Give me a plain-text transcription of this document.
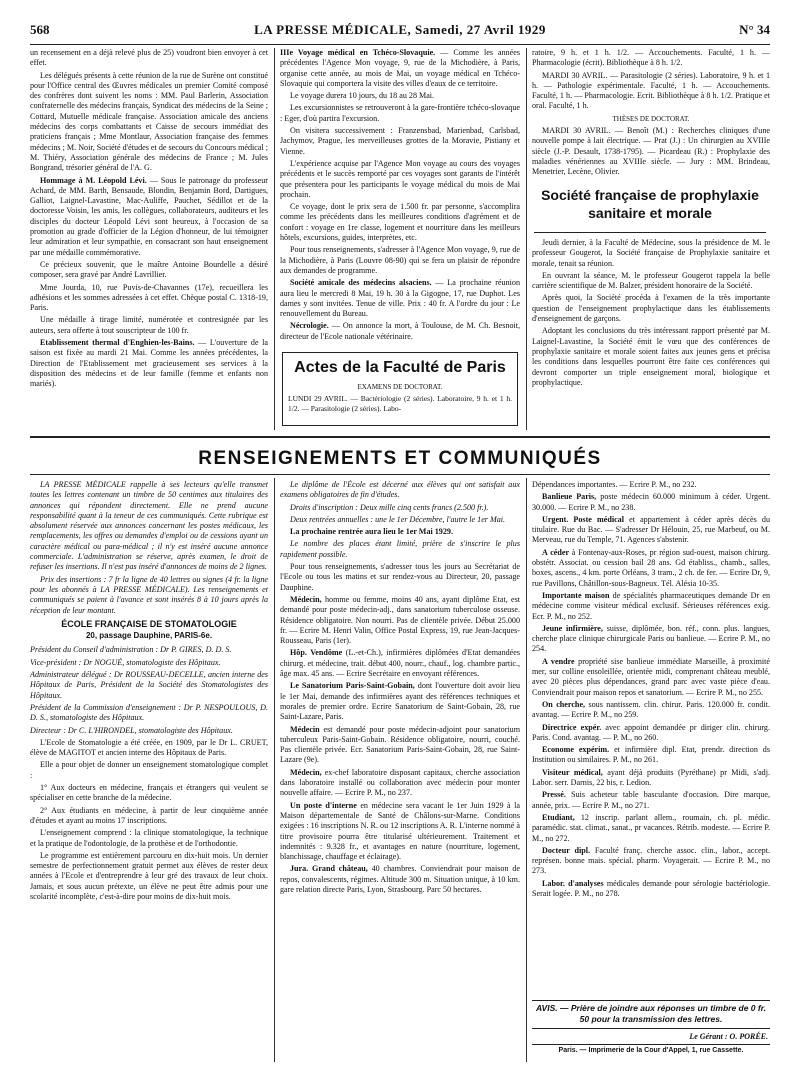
568	LA PRESSE MÉDICALE, Samedi, 27 Avril 1929	N° 34

un recensement en a déjà relevé plus de 25) voudront bien envoyer à cet effet.

Les délégués présents à cette réunion de la rue de Surène ont constitué pour l'Office central des Œuvres médicales un premier Comité composé des confrères dont suivent les noms : MM. Paul Barlerin, Association confraternelle des médecins français, Syndicat des médecins de la Seine ; Cottard, Mutuelle médicale française. Association amicale des anciens médecins des corps combattants et Caisse de secours immédiat des praticiens français ; Mme Montlaur, Association française des femmes médecins ; M. Noir, Société d'études et de secours du Concours médical ; M. Thiéry, Association générale des médecins de France ; M. Jules Bongrand, trésorier général de l'A. G.

Hommage à M. Léopold Lévi. — Sous le patronage du professeur Achard, de MM. Barth, Bensaude, Blondin, Benjamin Bord, Dartigues, Galliot, Laignel-Lavastine, Mac-Auliffe, Pauchet, Sédillot et de la doctoresse Voisin, les amis, les collègues, collaborateurs, auditeurs et les disciples du docteur Léopold Lévi sont heureux, à l'occasion de sa promotion au grade d'officier de la Légion d'honneur, de lui témoigner leur admiration et leur sympathie, en consacrant son haut enseignement par une médaille commémorative.

Ce précieux souvenir, que le maître Antoine Bourdelle a désiré composer, sera gravé par André Lavrillier.

Mme Jourda, 10, rue Puvis-de-Chavannes (17e), recueillera les adhésions et les sommes adressées à cet effet. Chèque postal C. 1318-19, Paris.

Une médaille à tirage limité, numérotée et contresignée par les auteurs, sera offerte à tout souscripteur de 100 fr.

Etablissement thermal d'Enghien-les-Bains. — L'ouverture de la saison est fixée au mardi 21 Mai. Comme les années précédentes, la Direction de l'Etablissement met gracieusement ses services à la disposition des médecins et de leur famille (femme et enfants non mariés).

IIIe Voyage médical en Tchéco-Slovaquie. — Comme les années précédentes l'Agence Mon voyage, 9, rue de la Michodière, à Paris, organise cette année, au mois de Mai, un voyage médical en Tchéco-Slovaquie qui comportera la visite des villes d'eaux de ce territoire.

Le voyage durera 10 jours, du 18 au 28 Mai.

Les excursionnistes se retrouveront à la gare-frontière tchéco-slovaque : Eger, d'où partira l'excursion.

On visitera successivement : Franzensbad, Marienbad, Carlsbad, Jachymov, Prague, les merveilleuses grottes de la Moravie, Pistiany et Vienne.

L'expérience acquise par l'Agence Mon voyage au cours des voyages précédents et le succès remporté par ces voyages sont garants de l'intérêt que présentera pour les participants le voyage médical du mois de Mai prochain.

Ce voyage, dont le prix sera de 1.500 fr. par personne, s'accomplira comme les précédents dans les meilleures conditions d'agrément et de confort : voyage en 1re classe, logement et nourriture dans les meilleurs hôtels, excursions, guides, interprètes, etc.

Pour tous renseignements, s'adresser à l'Agence Mon voyage, 9, rue de la Michodière, à Paris (Louvre 08-90) qui se fera un plaisir de répondre aux demandes de programme.

Société amicale des médecins alsaciens. — La prochaine réunion aura lieu le mercredi 8 Mai, 19 h. 30 à la Gigogne, 17, rue Duphot. Les dames y sont invitées. Tenue de ville. Prix : 40 fr. A l'ordre du jour : Le renouvellement du Bureau.

Nécrologie. — On annonce la mort, à Toulouse, de M. Ch. Besnoit, directeur de l'Ecole nationale vétérinaire.

Actes de la Faculté de Paris
EXAMENS DE DOCTORAT.
LUNDI 29 AVRIL. — Bactériologie (2 séries). Laboratoire, 9 h. et 1 h. 1/2. — Parasitologie (2 séries). Labo-

ratoire, 9 h. et 1 h. 1/2. — Accouchements. Faculté, 1 h. — Pharmacologie (écrit). Bibliothèque à 8 h. 1/2.

MARDI 30 AVRIL. — Parasitologie (2 séries). Laboratoire, 9 h. et 1 h. — Pathologie expérimentale. Faculté, 1 h. — Accouchements. Faculté, 1 h. — Pharmacologie. Ecrit. Bibliothèque à 8 h. 1/2. Pratique et oral. Faculté, 1 h.

THÈSES DE DOCTORAT.

MARDI 30 AVRIL. — Benoît (M.) : Recherches cliniques d'une nouvelle pompe à lait électrique. — Prat (J.) : Un chirurgien au XVIIIe siècle (J.-P. Desault, 1738-1795). — Picardeau (R.) : Prophylaxie des maladies vénériennes au XVIIIe siècle. — Jury : MM. Brindeau, Menetrier, Lecène, Olivier.

Société française de prophylaxie sanitaire et morale

Jeudi dernier, à la Faculté de Médecine, sous la présidence de M. le professeur Gougerot, la Société française de Prophylaxie sanitaire et morale, tenait sa réunion.

En ouvrant la séance, M. le professeur Gougerot rappela la belle carrière scientifique de M. Balzer, président honoraire de la Société.

Après quoi, la Société procéda à l'examen de la très importante question de l'enseignement prophylactique dans les établissements d'enseignement de garçons.

Adoptant les conclusions du très intéressant rapport présenté par M. Laignel-Lavastine, la Société émit le vœu que des conférences de prophylaxie sanitaire et morale soient faites aux jeunes gens et précisa les conditions dans lesquelles pourront être faite ces conférences qui devront comporter un triple enseignement moral, biologique et prophylactique.

RENSEIGNEMENTS ET COMMUNIQUÉS

LA PRESSE MÉDICALE rappelle à ses lecteurs qu'elle transmet toutes les lettres contenant un timbre de 50 centimes aux titulaires des annonces qui répondent directement. Elle ne prend aucune responsabilité quant à la teneur de ces communiqués. Cette rubrique est absolument réservée aux annonces concernant les postes médicaux, les remplacements, les offres ou demandes d'emploi ou de cessions ayant un caractère médical ou para-médical ; il n'y est inséré aucune annonce commerciale. L'administration se réserve, après examen, le droit de refuser les insertions. Il n'est pas inséré d'annonces de moins de 2 lignes.

Prix des insertions : 7 fr la ligne de 40 lettres ou signes (4 fr. la ligne pour les abonnés à LA PRESSE MÉDICALE). Les renseignements et communiqués se paient à l'avance et sont insérés 8 à 10 jours après la réception de leur montant.

ÉCOLE FRANÇAISE DE STOMATOLOGIE
20, passage Dauphine, PARIS-6e.

Président du Conseil d'administration : Dr P. GIRES, D. D. S.

Vice-président : Dr NOGUÉ, stomatologiste des Hôpitaux.

Administrateur délégué : Dr ROUSSEAU-DECELLE, ancien interne des Hôpitaux de Paris, Président de la Société des Stomatologistes des Hôpitaux.

Président de la Commission d'enseignement : Dr P. NESPOULOUS, D. D. S., stomatologiste des Hôpitaux.

Directeur : Dr C. L'HIRONDEL, stomatologiste des Hôpitaux.

L'Ecole de Stomatologie a été créée, en 1909, par le Dr L. CRUET, élève de MAGITOT et ancien interne des Hôpitaux de Paris.

Elle a pour objet de donner un enseignement stomatologique complet :

1° Aux docteurs en médecine, français et étrangers qui veulent se spécialiser en cette branche de la médecine.

2° Aux étudiants en médecine, à partir de leur cinquième année d'études et ayant au moins 17 inscriptions.

L'enseignement comprend : la clinique stomatologique, la technique et la pratique de l'odontologie, de la prothèse et de l'orthodontie.

Le programme est entièrement parcouru en dix-huit mois. Un dernier semestre de perfectionnement gratuit permet aux élèves de rester deux années à l'Ecole et d'entreprendre à leur gré des travaux de leur choix. Jamais, et sous aucun prétexte, un élève ne peut être admis pour une scolarité incomplète, c'est-à-dire pour moins de dix-huit mois.

Le diplôme de l'École est décerné aux élèves qui ont satisfait aux examens obligatoires de fin d'études.

Droits d'inscription : Deux mille cinq cents francs (2.500 fr.).

Deux rentrées annuelles : une le 1er Décembre, l'autre le 1er Mai.

La prochaine rentrée aura lieu le 1er Mai 1929.

Le nombre des places étant limité, prière de s'inscrire le plus rapidement possible.

Pour tous renseignements, s'adresser tous les jours au Secrétariat de l'Ecole ou tous les matins et sur rendez-vous au Directeur, 20, passage Dauphine.

Médecin, homme ou femme, moins 40 ans, ayant diplôme Etat, est demandé pour poste médecin-adj., dans sanatorium tuberculose osseuse. Résidence obligatoire. Non nourri. Pas de clientèle privée. Début 25.000 fr. — Ecrire M. Henri Valin, Office Postal Express, 19, rue Jean-Jacques-Rousseau, Paris (1er).

Hôp. Vendôme (L.-et-Ch.), infirmières diplômées d'Etat demandées chirurg. et médecine, trait. début 400, nourr., chauf., log. chambre partic., âge max. 45 ans. — Ecrire Secrétaire en envoyant références.

Le Sanatorium Paris-Saint-Gobain, dont l'ouverture doit avoir lieu le 1er Mai, demande des infirmières ayant des références techniques et morales de premier ordre. Ecrire Sanatorium de Saint-Gobain, 28, rue Saint-Lazare, Paris.

Médecin est demandé pour poste médecin-adjoint pour sanatorium tuberculeux Paris-Saint-Gobain. Résidence obligatoire, nourri, couché. Pas clientèle privée. Ecr. Sanatorium Paris-Saint-Gobain, 28, rue Saint-Lazare (9e).

Médecin, ex-chef laboratoire disposant capitaux, cherche association dans laboratoire installé ou collaboration avec médecin pour monter nouvelle affaire. — Ecrire P. M., no 237.

Un poste d'interne en médecine sera vacant le 1er Juin 1929 à la Maison départementale de Santé de Châlons-sur-Marne. Conditions exigées : 16 inscriptions N. R. ou 12 inscriptions A. R. L'interne nommé à titre provisoire pourra être titularisé ultérieurement. Traitement et indemnités : 9.328 fr., et avantages en nature (nourriture, logement, blanchissage, chauffage et éclairage).

Jura. Grand château, 40 chambres. Conviendrait pour maison de repos, convalescents, régimes. Altitude 300 m. Situation unique, à 10 km. gare relation directe Paris, Lyon, Strasbourg. Parc 50 hectares.

Dépendances importantes. — Ecrire P. M., no 232.

Banlieue Paris, poste médecin 60.000 minimum à céder. Urgent. 30.000. — Ecrire P. M., no 238.

Urgent. Poste médical et appartement à céder après décès du titulaire. Rue du Bac. — S'adresser Dr Hélouin, 25, rue Marbeuf, ou M. Merveau, rue du Temple, 71. Agences s'abstenir.

A céder à Fontenay-aux-Roses, pr région sud-ouest, maison chirurg. obstétr. Associat. ou cession bail 28 ans. Gd établiss., chamb., salles, boxes, ascens., 4 km. porte Orléans, 3 tram., 2 ch. de fer. — Ecrire Dr, 9, rue Pavillons, Châtillon-sous-Bagneux. Tél. Alésia 10-35.

Importante maison de spécialités pharmaceutiques demande Dr en médecine comme visiteur médical exclusif. Sérieuses références exig. Ecr. P. M., no 252.

Jeune infirmière, suisse, diplômée, bon. réf., conn. plus. langues, cherche place clinique chirurgicale Paris ou banlieue. — Ecrire P. M., no 254.

A vendre propriété sise banlieue immédiate Marseille, à proximité mer, sur colline ensoleillée, orientée midi, comprenant château meublé, avec 20 pièces plus dépendances, grand parc avec vaste pièce d'eau. Conviendrait pour maison repos et sanatorium. — Ecrire P. M., no 255.

On cherche, sous nantissem. clin. chirur. Paris. 120.000 fr. condit. avantag. — Ecrire P. M., no 259.

Directrice expér. avec appoint demandée pr diriger clin. chirurg. Paris. Cond. avantag. — P. M., no 260.

Econome expérim. et infirmière dipl. Etat, prendr. direction ds Institution ou similaires. P. M., no 261.

Visiteur médical, ayant déjà produits (Pyréthane) pr Midi, s'adj. Labor. serr. Darnis, 22 bis, r. Ledion.

Pressé. Suis acheteur table basculante d'occasion. Dire marque, année, prix. — Ecrire P. M., no 271.

Etudiant, 12 inscrip. parlant allem., roumain, ch. pl. médic. paramédic. stat. climat., sanat., pr vacances. Rétrib. modeste. — Ecrire P. M., no 272.

Docteur dipl. Faculté franç. cherche assoc. clin., labor., accept. représen. bonne mais. spécial. pharm. Voyagerait. — Ecrire P. M., no 273.

Labor. d'analyses médicales demande pour sérologie bactériologie. Serait logée. P. M., no 278.

AVIS. — Prière de joindre aux réponses un timbre de 0 fr. 50 pour la transmission des lettres.
Le Gérant : O. PORÉE.
Paris. — Imprimerie de la Cour d'Appel, 1, rue Cassette.
